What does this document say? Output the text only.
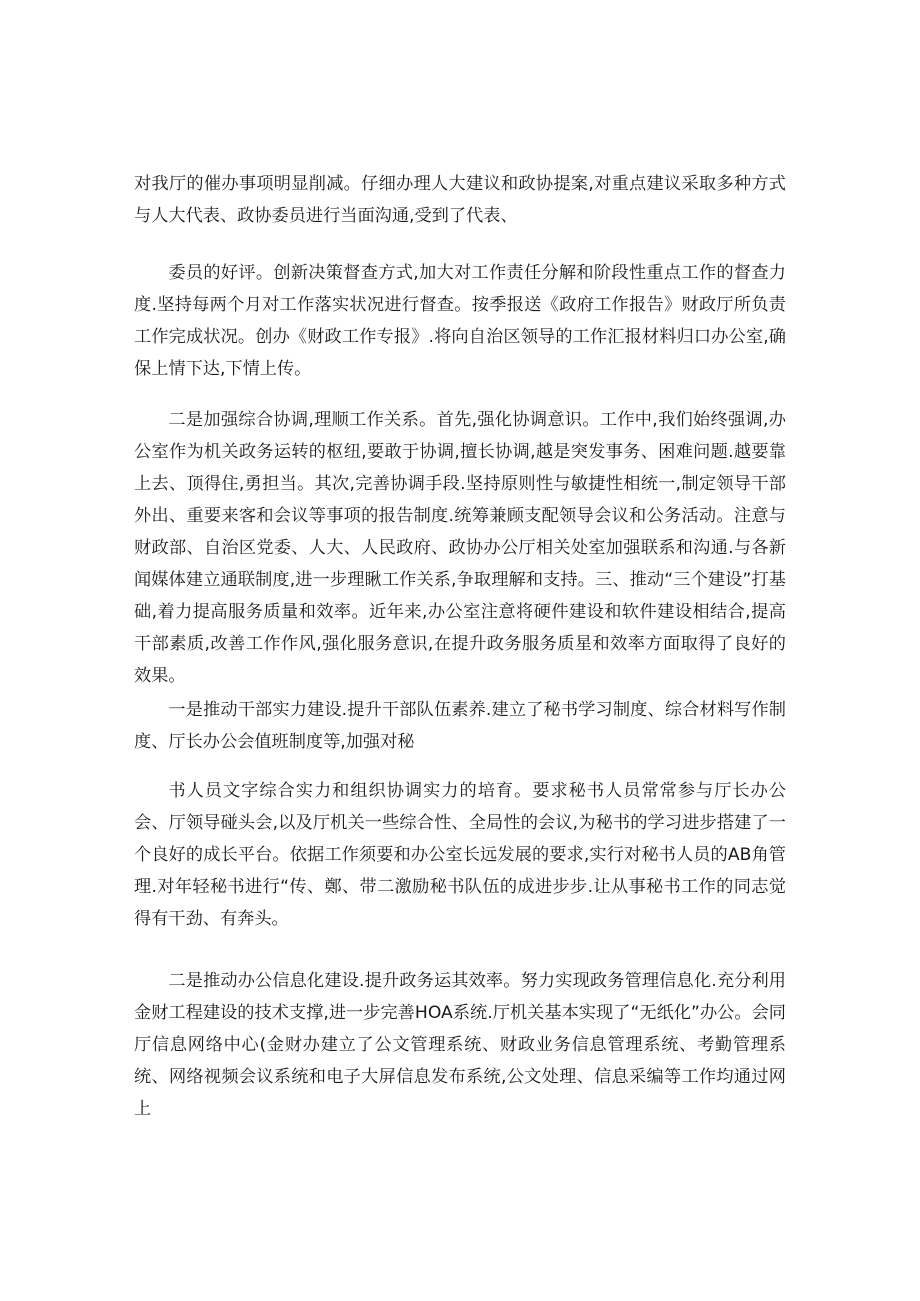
对我厅的催办事项明显削减。仔细办理人大建议和政协提案,对重点建议采取多种方式与人大代表、政协委员进行当面沟通,受到了代表、

委员的好评。创新决策督查方式,加大对工作责任分解和阶段性重点工作的督查力度.坚持每两个月对工作落实状况进行督查。按季报送《政府工作报告》财政厅所负责工作完成状况。创办《财政工作专报》.将向自治区领导的工作汇报材料归口办公室,确保上情下达,下情上传。

二是加强综合协调,理顺工作关系。首先,强化协调意识。工作中,我们始终强调,办公室作为机关政务运转的枢纽,要敢于协调,擅长协调,越是突发事务、困难问题.越要靠上去、顶得住,勇担当。其次,完善协调手段.坚持原则性与敏捷性相统一,制定领导干部外出、重要来客和会议等事项的报告制度.统筹兼顾支配领导会议和公务活动。注意与财政部、自治区党委、人大、人民政府、政协办公厅相关处室加强联系和沟通.与各新闻媒体建立通联制度,进一步理瞅工作关系,争取理解和支持。三、推动“三个建设”打基础,着力提高服务质量和效率。近年来,办公室注意将硬件建设和软件建设相结合,提高干部素质,改善工作作风,强化服务意识,在提升政务服务质星和效率方面取得了良好的效果。

一是推动干部实力建设.提升干部队伍素养.建立了秘书学习制度、综合材料写作制度、厅长办公会值班制度等,加强对秘

书人员文字综合实力和组织协调实力的培育。要求秘书人员常常参与厅长办公会、厅领导碰头会,以及厅机关一些综合性、全局性的会议,为秘书的学习进步搭建了一个良好的成长平台。依据工作须要和办公室长远发展的要求,实行对秘书人员的AB角管理.对年轻秘书进行“传、鄭、带二激励秘书队伍的成进步步.让从事秘书工作的同志觉得有干劲、有奔头。

二是推动办公信息化建设.提升政务运其效率。努力实现政务管理信息化.充分利用金财工程建设的技术支撑,进一步完善HOA系统.厅机关基本实现了“无纸化”办公。会同厅信息网络中心(金财办建立了公文管理系统、财政业务信息管理系统、考勤管理系统、网络视频会议系统和电子大屏信息发布系统,公文处理、信息采编等工作均通过网上
